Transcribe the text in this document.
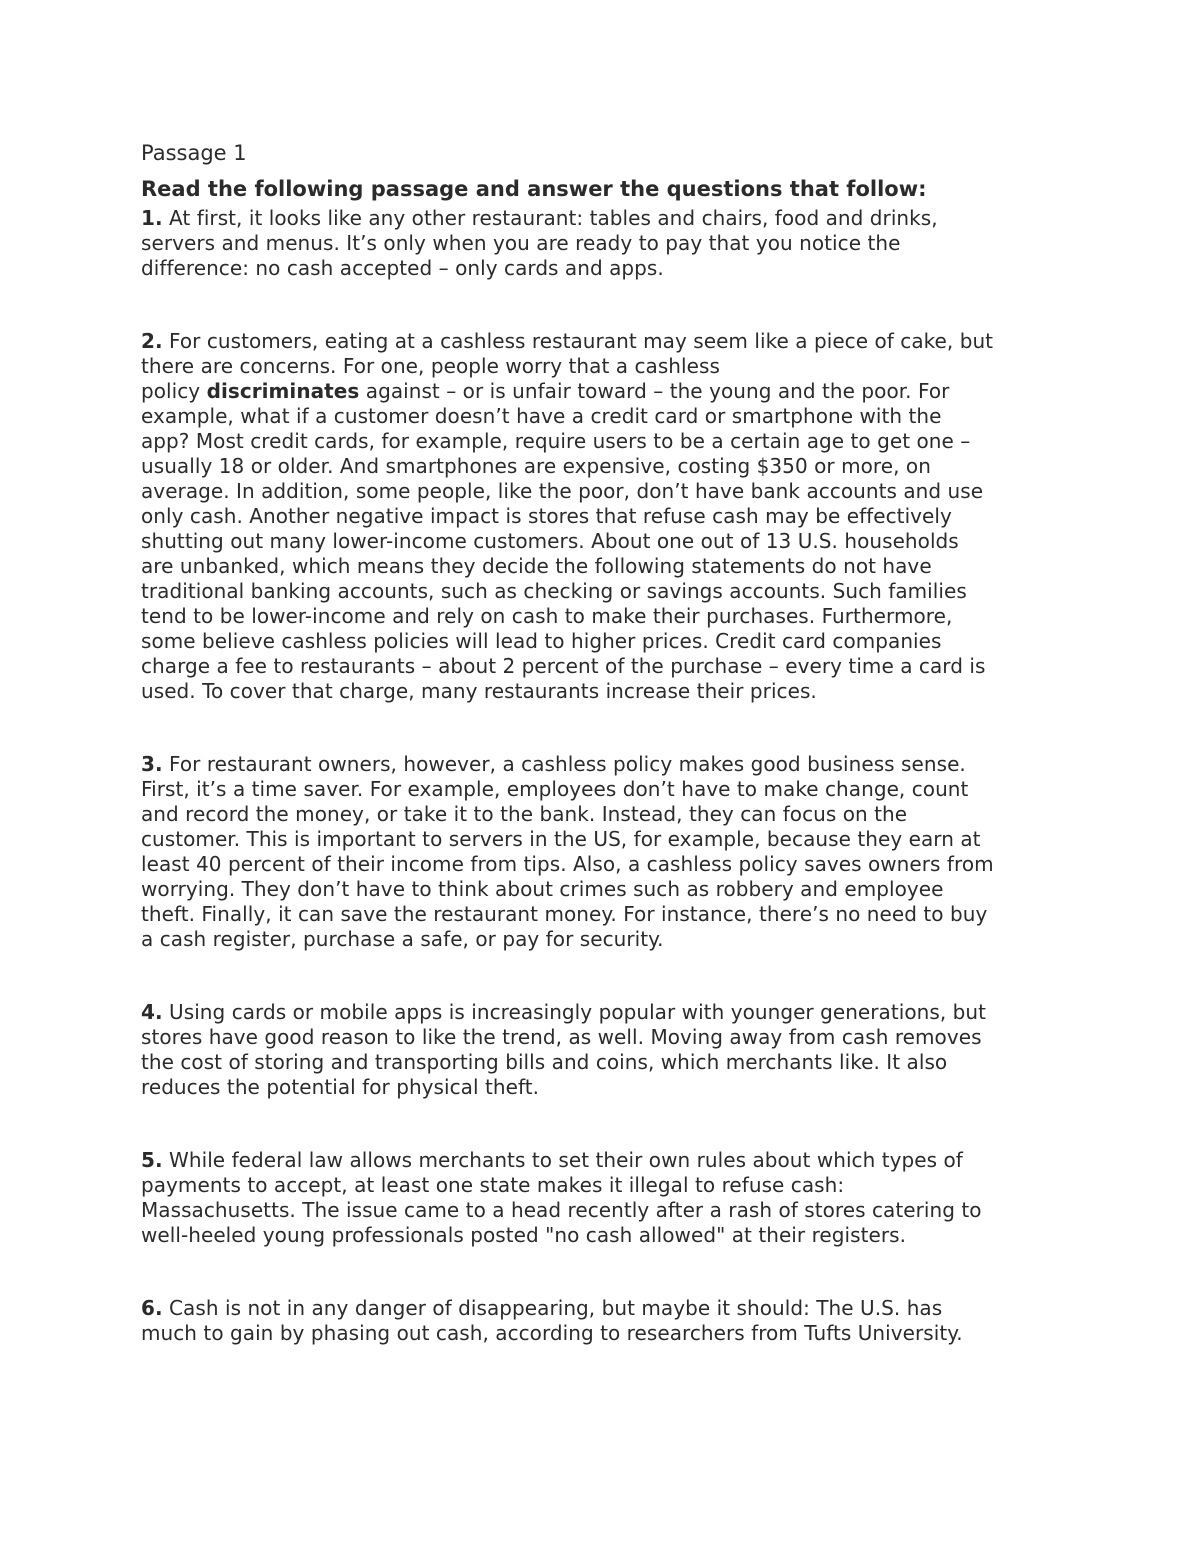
Passage 1
Read the following passage and answer the questions that follow:

1. At first, it looks like any other restaurant: tables and chairs, food and drinks,
servers and menus. It’s only when you are ready to pay that you notice the
difference: no cash accepted – only cards and apps.

2. For customers, eating at a cashless restaurant may seem like a piece of cake, but
there are concerns. For one, people worry that a cashless
policy discriminates against – or is unfair toward – the young and the poor. For
example, what if a customer doesn’t have a credit card or smartphone with the
app? Most credit cards, for example, require users to be a certain age to get one –
usually 18 or older. And smartphones are expensive, costing $350 or more, on
average. In addition, some people, like the poor, don’t have bank accounts and use
only cash. Another negative impact is stores that refuse cash may be effectively
shutting out many lower-income customers. About one out of 13 U.S. households
are unbanked, which means they decide the following statements do not have
traditional banking accounts, such as checking or savings accounts. Such families
tend to be lower-income and rely on cash to make their purchases. Furthermore,
some believe cashless policies will lead to higher prices. Credit card companies
charge a fee to restaurants – about 2 percent of the purchase – every time a card is
used. To cover that charge, many restaurants increase their prices.

3. For restaurant owners, however, a cashless policy makes good business sense.
First, it’s a time saver. For example, employees don’t have to make change, count
and record the money, or take it to the bank. Instead, they can focus on the
customer. This is important to servers in the US, for example, because they earn at
least 40 percent of their income from tips. Also, a cashless policy saves owners from
worrying. They don’t have to think about crimes such as robbery and employee
theft. Finally, it can save the restaurant money. For instance, there’s no need to buy
a cash register, purchase a safe, or pay for security.

4. Using cards or mobile apps is increasingly popular with younger generations, but
stores have good reason to like the trend, as well. Moving away from cash removes
the cost of storing and transporting bills and coins, which merchants like. It also
reduces the potential for physical theft.

5. While federal law allows merchants to set their own rules about which types of
payments to accept, at least one state makes it illegal to refuse cash:
Massachusetts. The issue came to a head recently after a rash of stores catering to
well-heeled young professionals posted "no cash allowed" at their registers.

6. Cash is not in any danger of disappearing, but maybe it should: The U.S. has
much to gain by phasing out cash, according to researchers from Tufts University.
